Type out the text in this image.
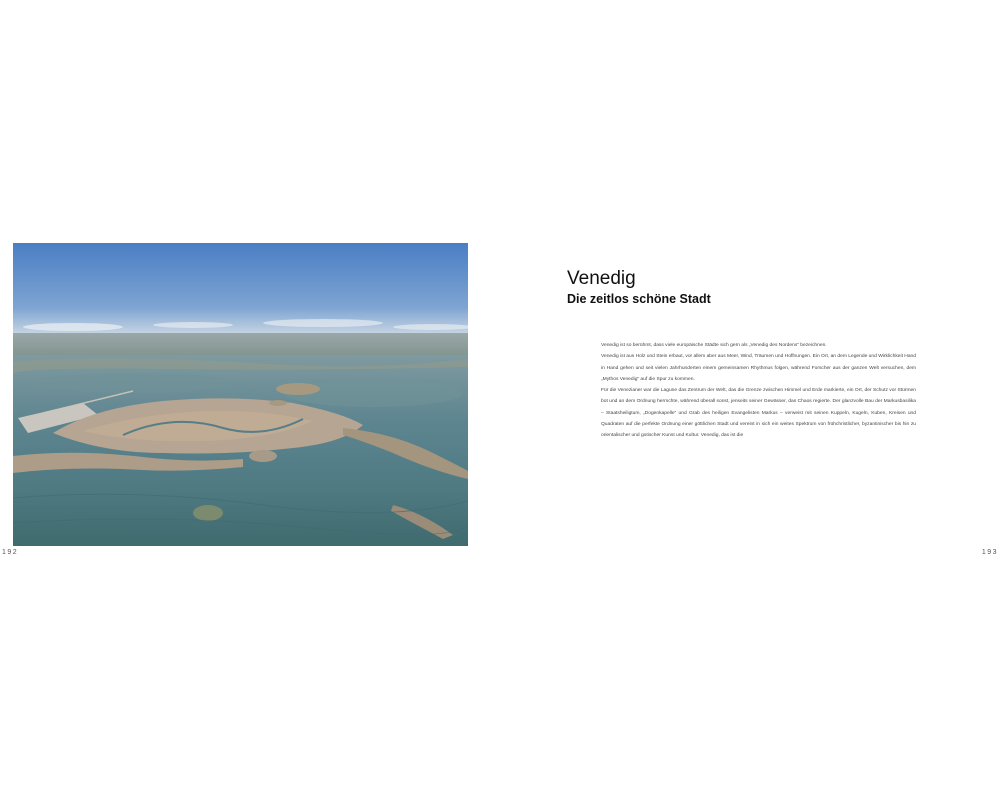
192
Venedig
Die zeitlos schöne Stadt

Venedig ist so berühmt, dass viele europäische Städte sich gern als „Venedig des Nordens“ bezeichnen.

Venedig ist aus Holz und Stein erbaut, vor allem aber aus Meer, Wind, Träumen und Hoffnungen. Ein Ort, an dem Legende und Wirklichkeit Hand in Hand gehen und seit vielen Jahrhunderten einem gemeinsamen Rhythmus folgen, während Forscher aus der ganzen Welt versuchen, dem „Mythos Venedig“ auf die Spur zu kommen.

Für die Venezianer war die Lagune das Zentrum der Welt, das die Grenze zwischen Himmel und Erde markierte, ein Ort, der Schutz vor Stürmen bot und an dem Ordnung herrschte, während überall sonst, jenseits seiner Gewässer, das Chaos regierte. Der glanzvolle Bau der Markusbasilika – Staatsheiligtum, „Dogenkapelle“ und Grab des heiligen Evangelisten Markus – verweist mit seinen Kuppeln, Kugeln, Kuben, Kreisen und Quadraten auf die perfekte Ordnung einer göttlichen Stadt und vereint in sich ein weites Spektrum von frühchristlicher, byzantinischer bis hin zu orientalischer und gotischer Kunst und Kultur. Venedig, das ist die

193
